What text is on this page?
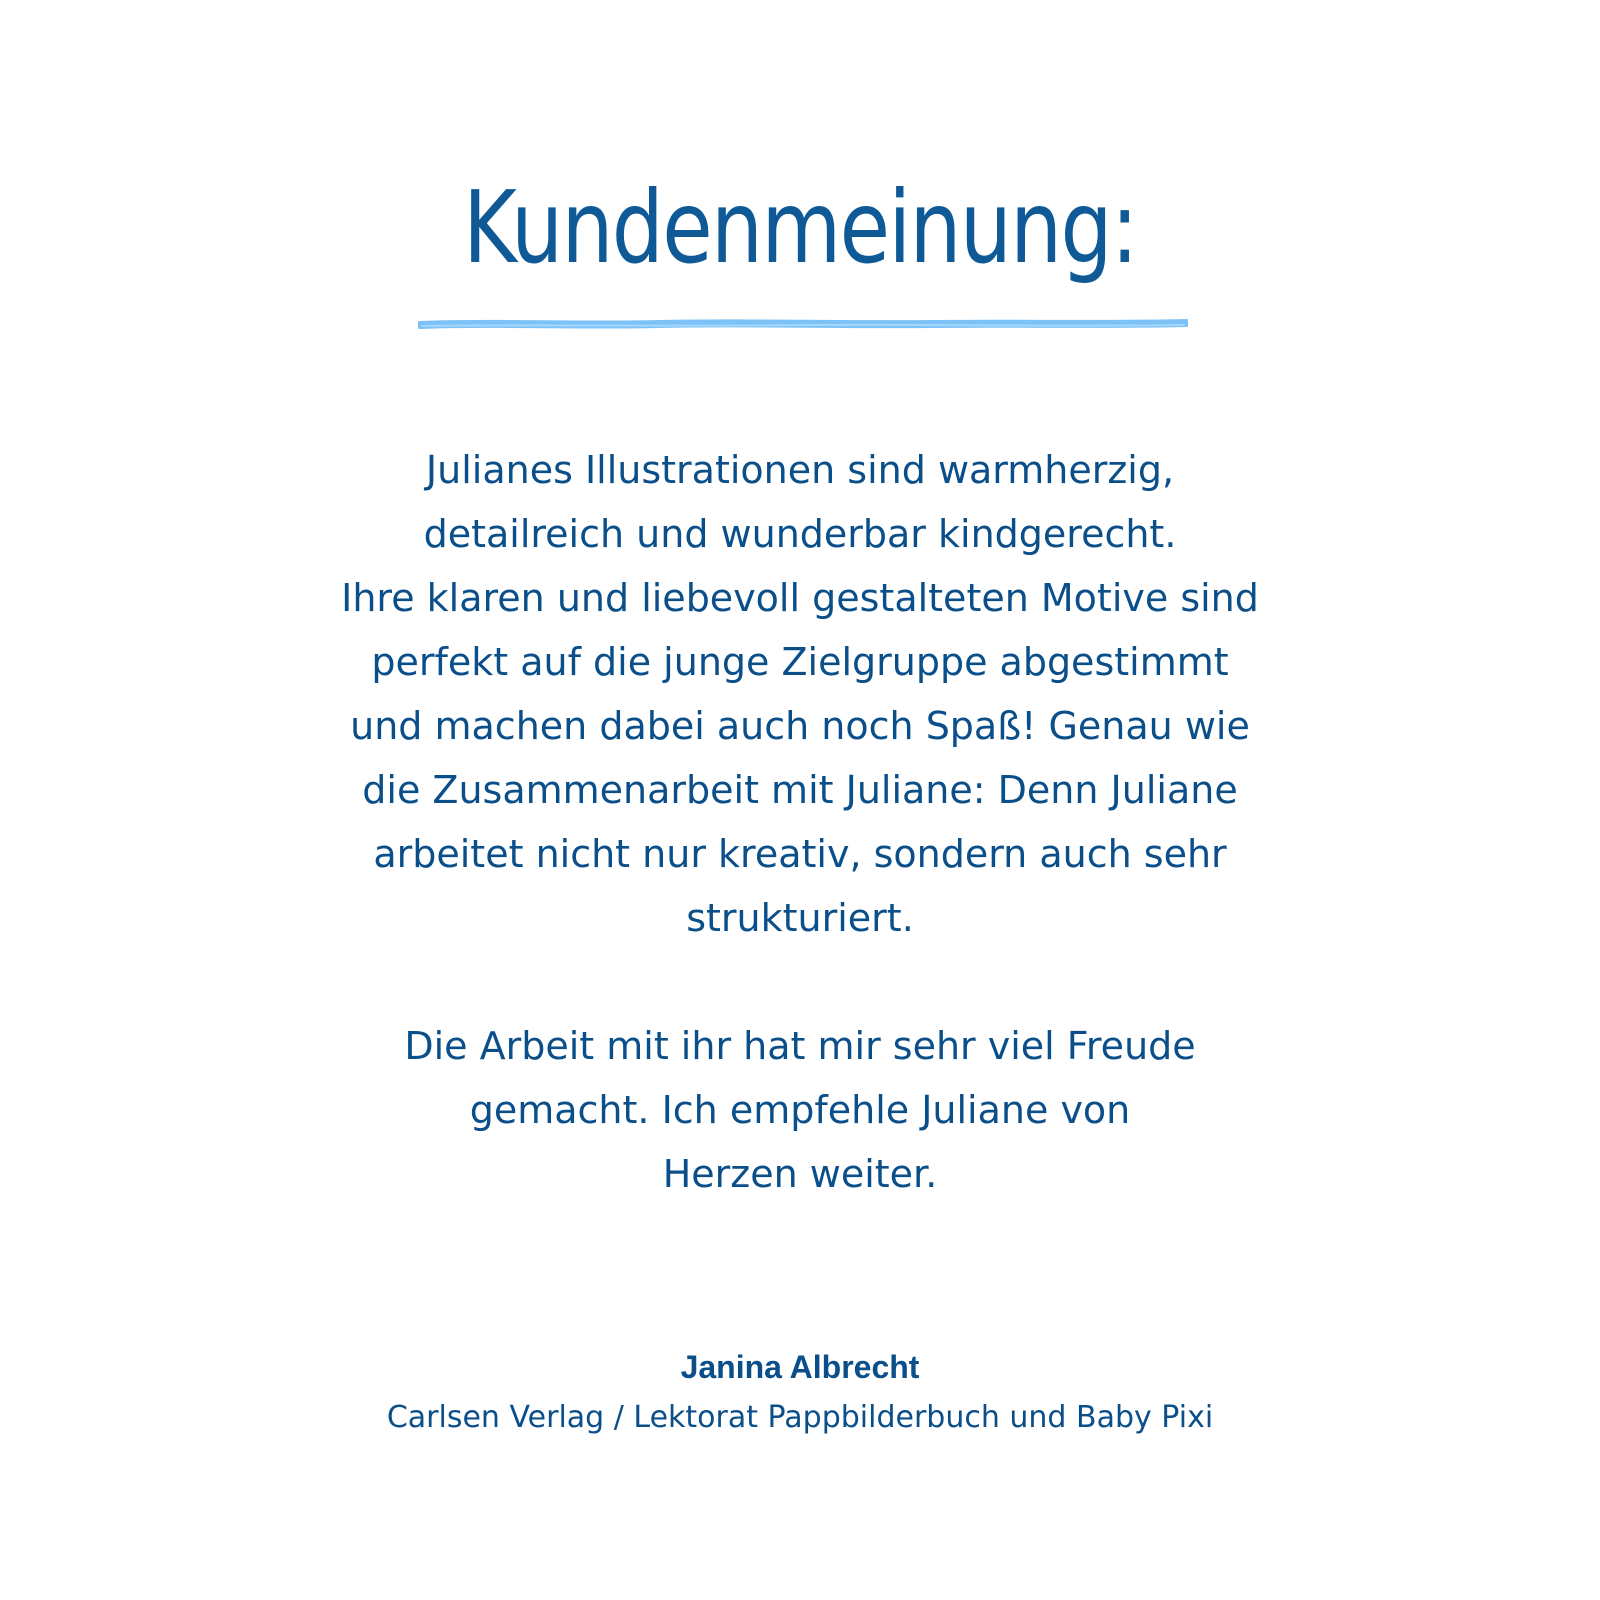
Kundenmeinung:

Julianes Illustrationen sind warmherzig,
detailreich und wunderbar kindgerecht.
Ihre klaren und liebevoll gestalteten Motive sind
perfekt auf die junge Zielgruppe abgestimmt
und machen dabei auch noch Spaß! Genau wie
die Zusammenarbeit mit Juliane: Denn Juliane
arbeitet nicht nur kreativ, sondern auch sehr
strukturiert.

Die Arbeit mit ihr hat mir sehr viel Freude
gemacht. Ich empfehle Juliane von
Herzen weiter.

Janina Albrecht
Carlsen Verlag / Lektorat Pappbilderbuch und Baby Pixi
